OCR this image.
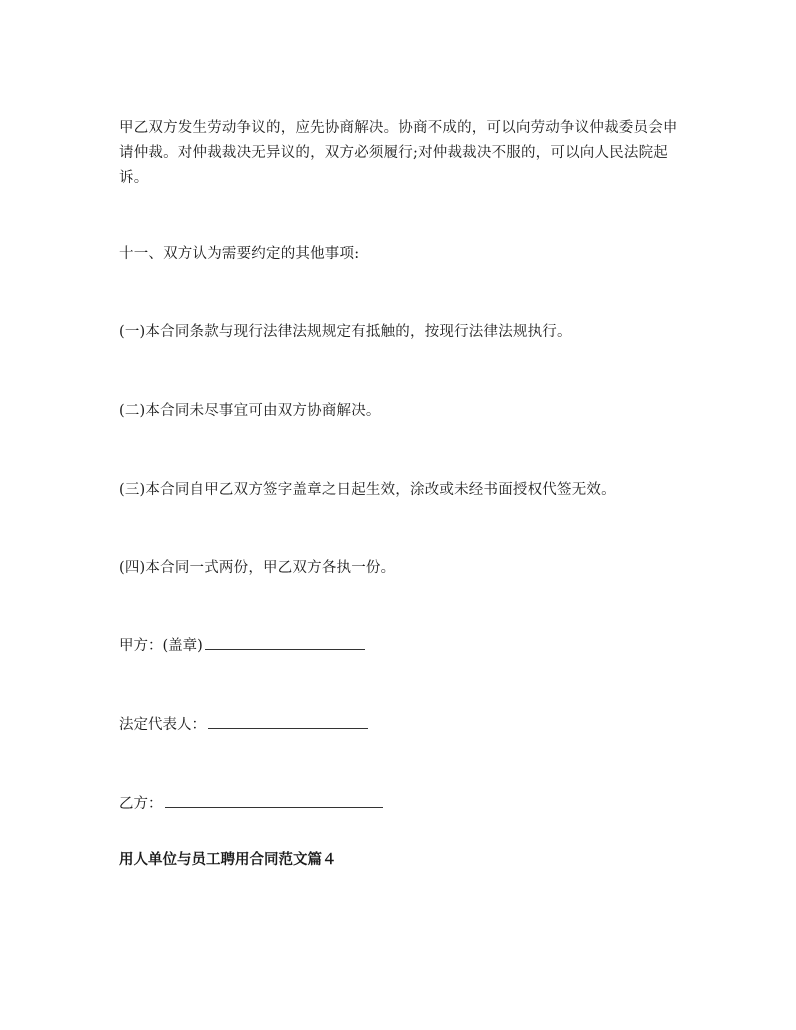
甲乙双方发生劳动争议的，应先协商解决。协商不成的，可以向劳动争议仲裁委员会申请仲裁。对仲裁裁决无异议的，双方必须履行;对仲裁裁决不服的，可以向人民法院起诉。

十一、双方认为需要约定的其他事项:

(一)本合同条款与现行法律法规规定有抵触的，按现行法律法规执行。

(二)本合同未尽事宜可由双方协商解决。

(三)本合同自甲乙双方签字盖章之日起生效，涂改或未经书面授权代签无效。

(四)本合同一式两份，甲乙双方各执一份。

甲方：(盖章)

法定代表人：

乙方：

用人单位与员工聘用合同范文篇４
